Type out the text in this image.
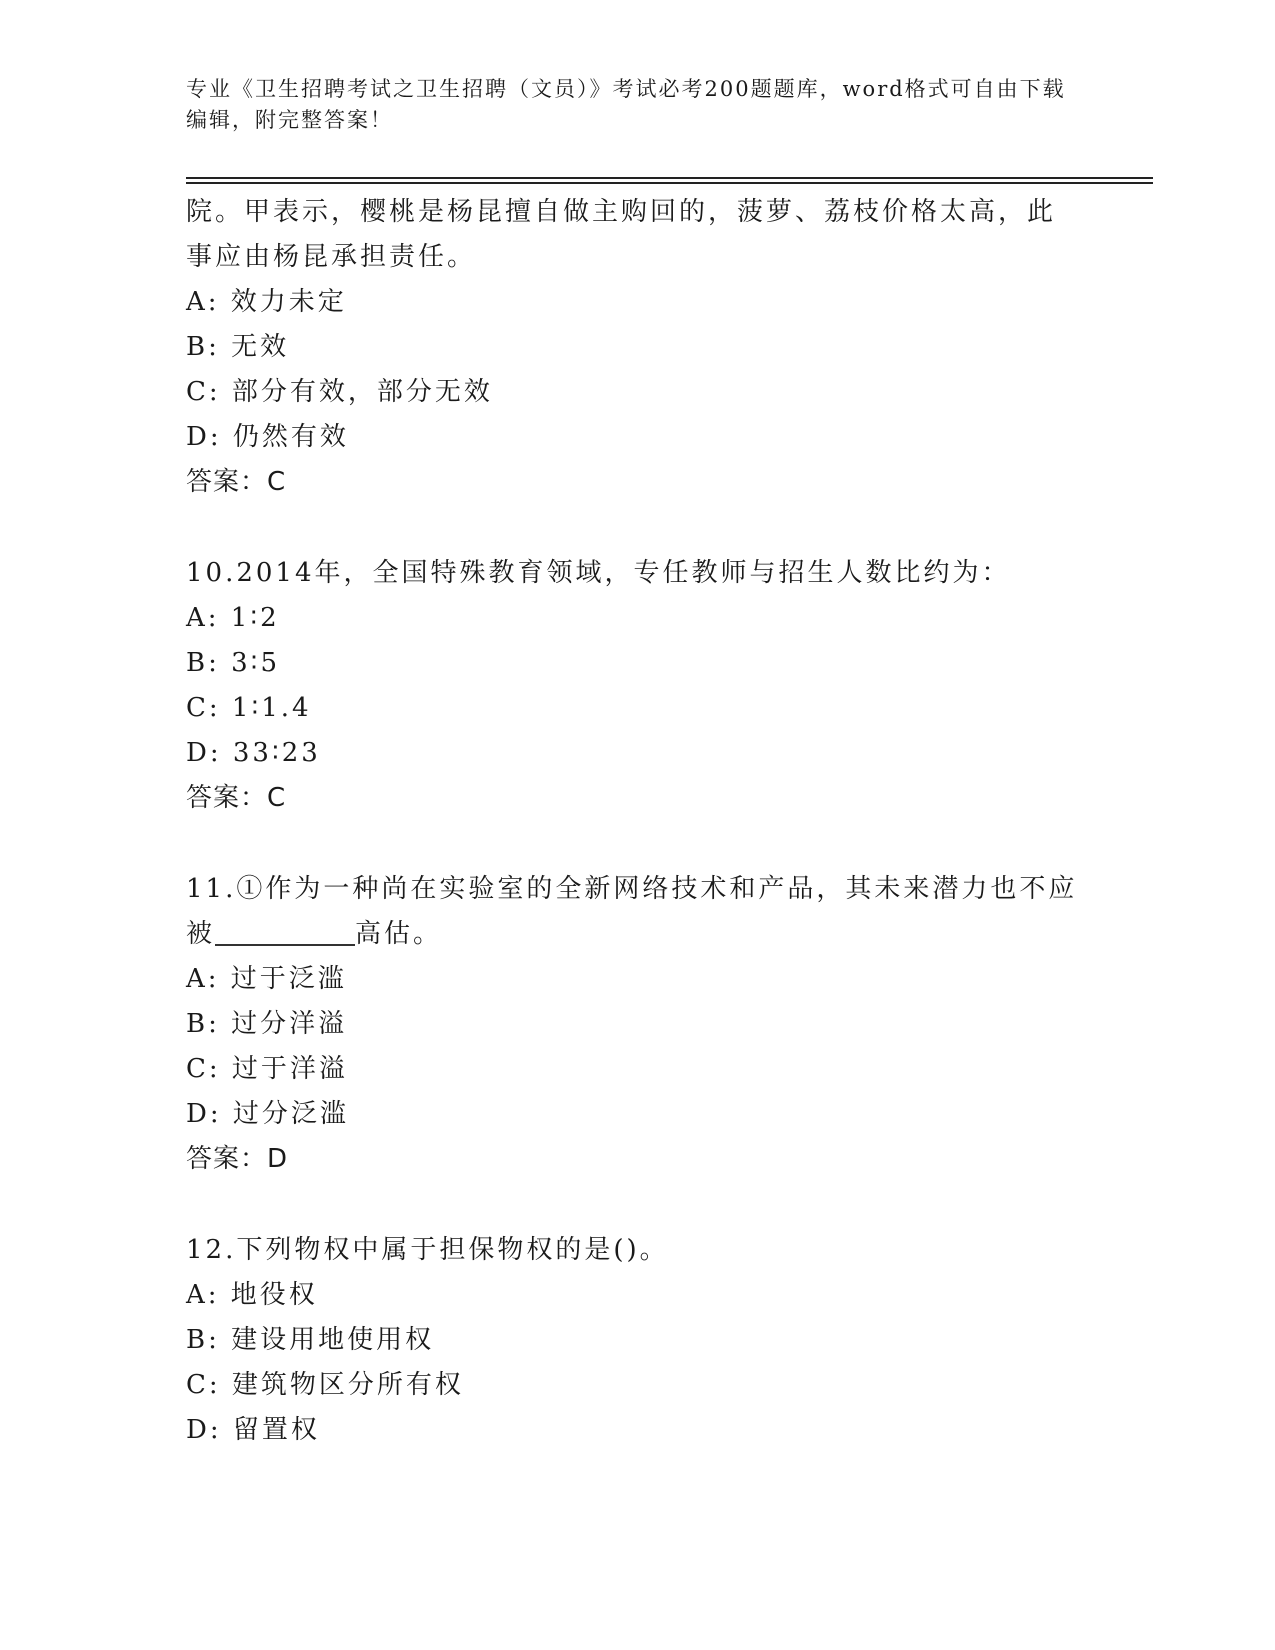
专业《卫生招聘考试之卫生招聘（文员）》考试必考200题题库，word格式可自由下载编辑，附完整答案！
院。甲表示，樱桃是杨昆擅自做主购回的，菠萝、荔枝价格太高，此
事应由杨昆承担责任。
A: 效力未定
B: 无效
C: 部分有效，部分无效
D: 仍然有效
答案：C
10.2014年，全国特殊教育领域，专任教师与招生人数比约为：
A: 1∶2
B: 3∶5
C: 1∶1.4
D: 33∶23
答案：C
11.①作为一种尚在实验室的全新网络技术和产品，其未来潜力也不应
被	高估。
A: 过于泛滥
B: 过分洋溢
C: 过于洋溢
D: 过分泛滥
答案：D
12.下列物权中属于担保物权的是()。
A: 地役权
B: 建设用地使用权
C: 建筑物区分所有权
D: 留置权
